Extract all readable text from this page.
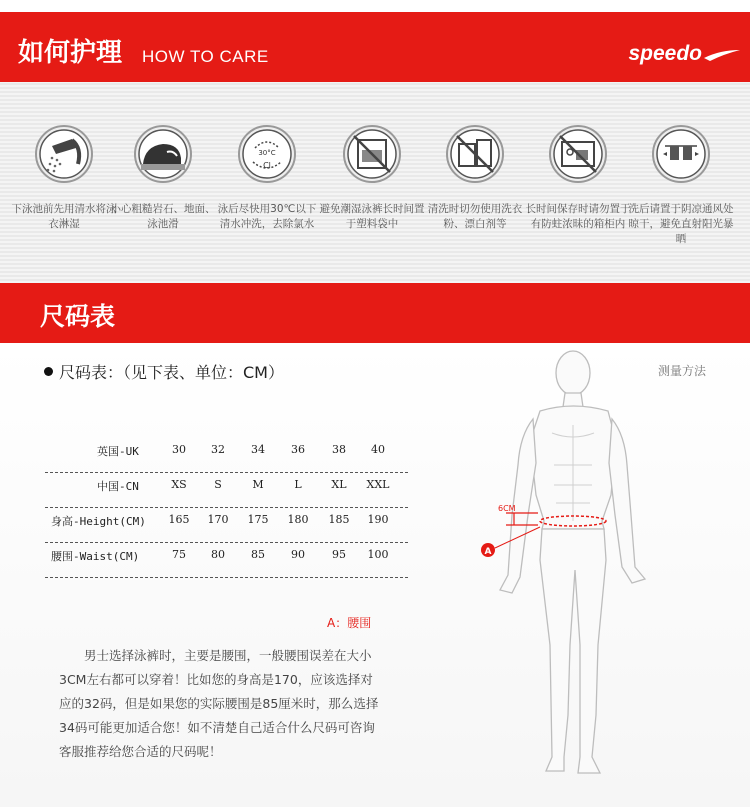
如何护理 HOW TO CARE	speedo
下泳池前先用清水将泳衣淋湿
小心粗糙岩石、地面、泳池滑
30°C
Cl
泳后尽快用30℃以下清水冲洗，去除氯水
避免潮湿泳裤长时间置于塑料袋中
清洗时切勿使用洗衣粉、漂白剂等
长时间保存时请勿置于有防蛀浓昧的箱柜内
洗后请置于阴凉通风处晾干，避免直射阳光暴晒
尺码表
尺码表：（见下表、单位：CM）	测量方法
英国-UK	30	32	34	36	38	40
中国-CN	XS	S	M	L	XL	XXL
身高-Height(CM)	165	170	175	180	185	190
腰围-Waist(CM)	75	80	85	90	95	100
A：腰围

男士选择泳裤时，主要是腰围，一般腰围误差在大小3CM左右都可以穿着！比如您的身高是170，应该选择对应的32码，但是如果您的实际腰围是85厘米时，那么选择34码可能更加适合您！如不清楚自己适合什么尺码可咨询客服推荐给您合适的尺码呢！

6CM
A
